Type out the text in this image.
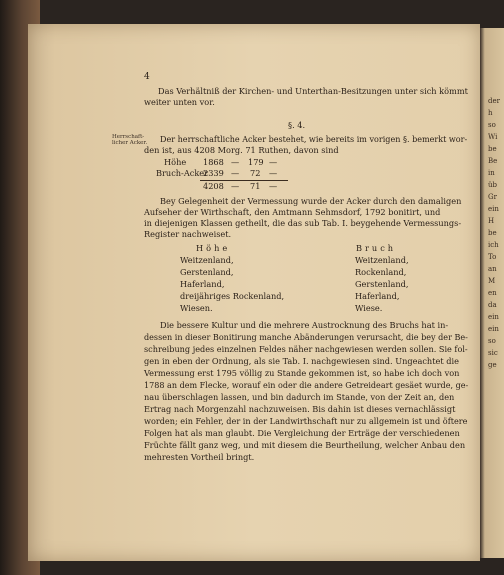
der
h
so
Wi
be
Be
in
üb
Gr
ein
H
be
ich
To
an
M
en
da
ein
ein
so
sic
ge
4
Das Verhältniß der Kirchen- und Unterthan-Besitzungen unter sich kömmt
weiter unten vor.
§. 4.
Herrschaft-
licher Acker. Der herrschaftliche Acker bestehet, wie bereits im vorigen §. bemerkt wor-
den ist, aus 4208 Morg. 71 Ruthen, davon sind
Höhe 1868 — 179 —
Bruch-Acker
2339 — 72 —
4208 — 71 —
Bey Gelegenheit der Vermessung wurde der Acker durch den damaligen
Aufseher der Wirthschaft, den Amtmann Sehmsdorf, 1792 bonitirt, und
in diejenigen Klassen getheilt, die das sub Tab. I. beygehende Vermessungs-
Register nachweiset.
Höhe	Bruch
Weitzenland,
Gerstenland,
Haferland,
dreijähriges Rockenland,
Wiesen.
Weitzenland,
Rockenland,
Gerstenland,
Haferland,
Wiese.
Die bessere Kultur und die mehrere Austrocknung des Bruchs hat in-
dessen in dieser Bonitirung manche Abänderungen verursacht, die bey der Be-
schreibung jedes einzelnen Feldes näher nachgewiesen werden sollen. Sie fol-
gen in eben der Ordnung, als sie Tab. I. nachgewiesen sind. Ungeachtet die
Vermessung erst 1795 völlig zu Stande gekommen ist, so habe ich doch von
1788 an dem Flecke, worauf ein oder die andere Getreideart gesäet wurde, ge-
nau überschlagen lassen, und bin dadurch im Stande, von der Zeit an, den
Ertrag nach Morgenzahl nachzuweisen. Bis dahin ist dieses vernachlässigt
worden; ein Fehler, der in der Landwirthschaft nur zu allgemein ist und öftere
Folgen hat als man glaubt. Die Vergleichung der Erträge der verschiedenen
Früchte fällt ganz weg, und mit diesem die Beurtheilung, welcher Anbau den
mehresten Vortheil bringt.
